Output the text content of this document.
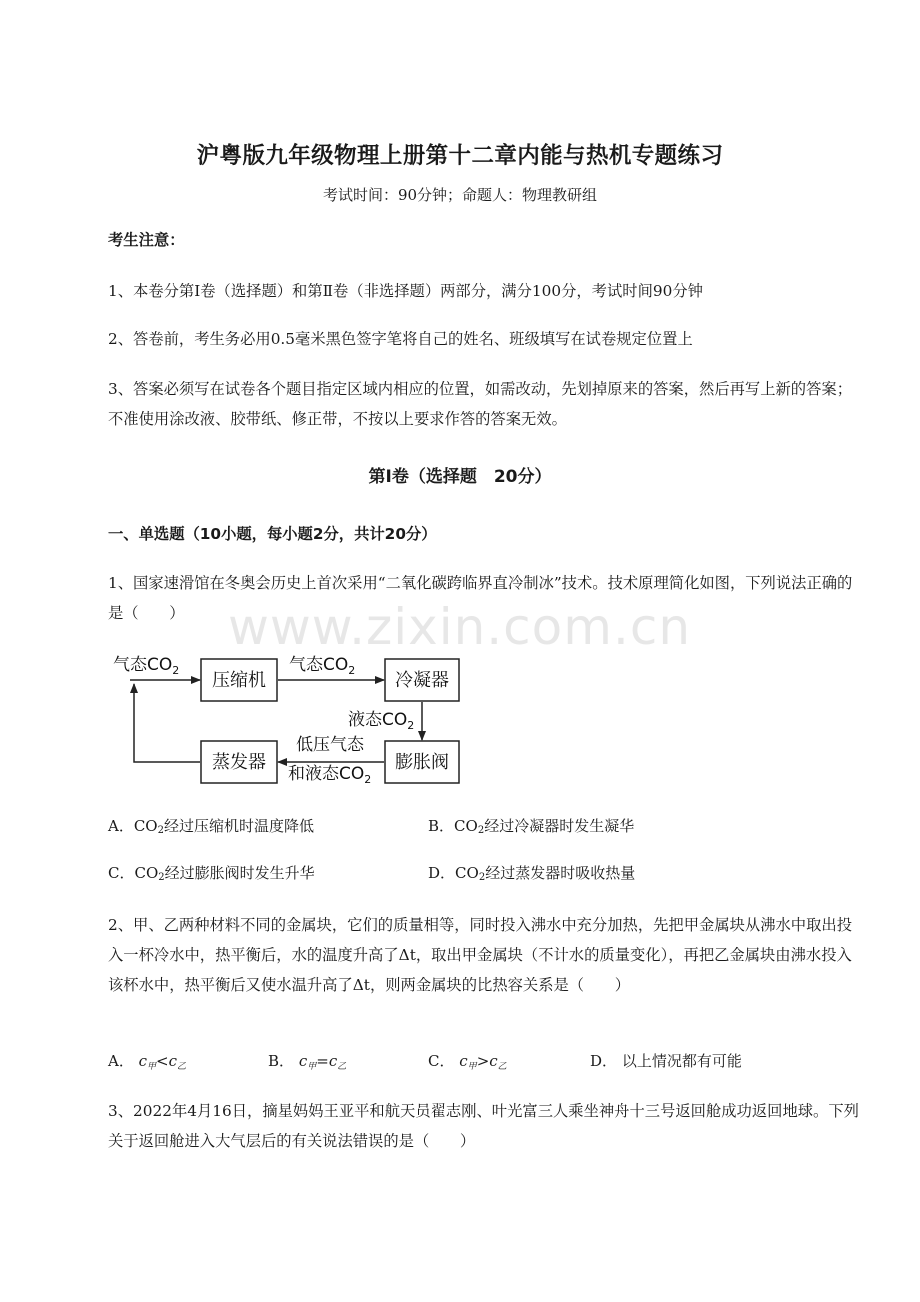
沪粤版九年级物理上册第十二章内能与热机专题练习
考试时间：90分钟；命题人：物理教研组
考生注意：
1、本卷分第Ⅰ卷（选择题）和第Ⅱ卷（非选择题）两部分，满分100分，考试时间90分钟
2、答卷前，考生务必用0.5毫米黑色签字笔将自己的姓名、班级填写在试卷规定位置上
3、答案必须写在试卷各个题目指定区域内相应的位置，如需改动，先划掉原来的答案，然后再写上新的答案；不准使用涂改液、胶带纸、修正带，不按以上要求作答的答案无效。
第Ⅰ卷（选择题　20分）
一、单选题（10小题，每小题2分，共计20分）
www.zixin.com.cn
1、国家速滑馆在冬奥会历史上首次采用“二氧化碳跨临界直冷制冰”技术。技术原理简化如图，下列说法正确的是（　　）
压缩机	冷凝器
膨胀阀
蒸发器
气态$CO_2$	气态$CO_2$
液态$CO_2$
低压气态
和液态$CO_2$
A．$CO_2$经过压缩机时温度降低	B．$CO_2$经过冷凝器时发生凝华
C．$CO_2$经过膨胀阀时发生升华	D．$CO_2$经过蒸发器时吸收热量
2、甲、乙两种材料不同的金属块，它们的质量相等，同时投入沸水中充分加热，先把甲金属块从沸水中取出投入一杯冷水中，热平衡后，水的温度升高了Δt，取出甲金属块（不计水的质量变化），再把乙金属块由沸水投入该杯水中，热平衡后又使水温升高了Δt，则两金属块的比热容关系是（　　）
A． $c_甲<c_乙$	B． $c_甲=c_乙$	C． $c_甲>c_乙$	D． 以上情况都有可能
3、2022年4月16日，摘星妈妈王亚平和航天员翟志刚、叶光富三人乘坐神舟十三号返回舱成功返回地球。下列关于返回舱进入大气层后的有关说法错误的是（　　）
